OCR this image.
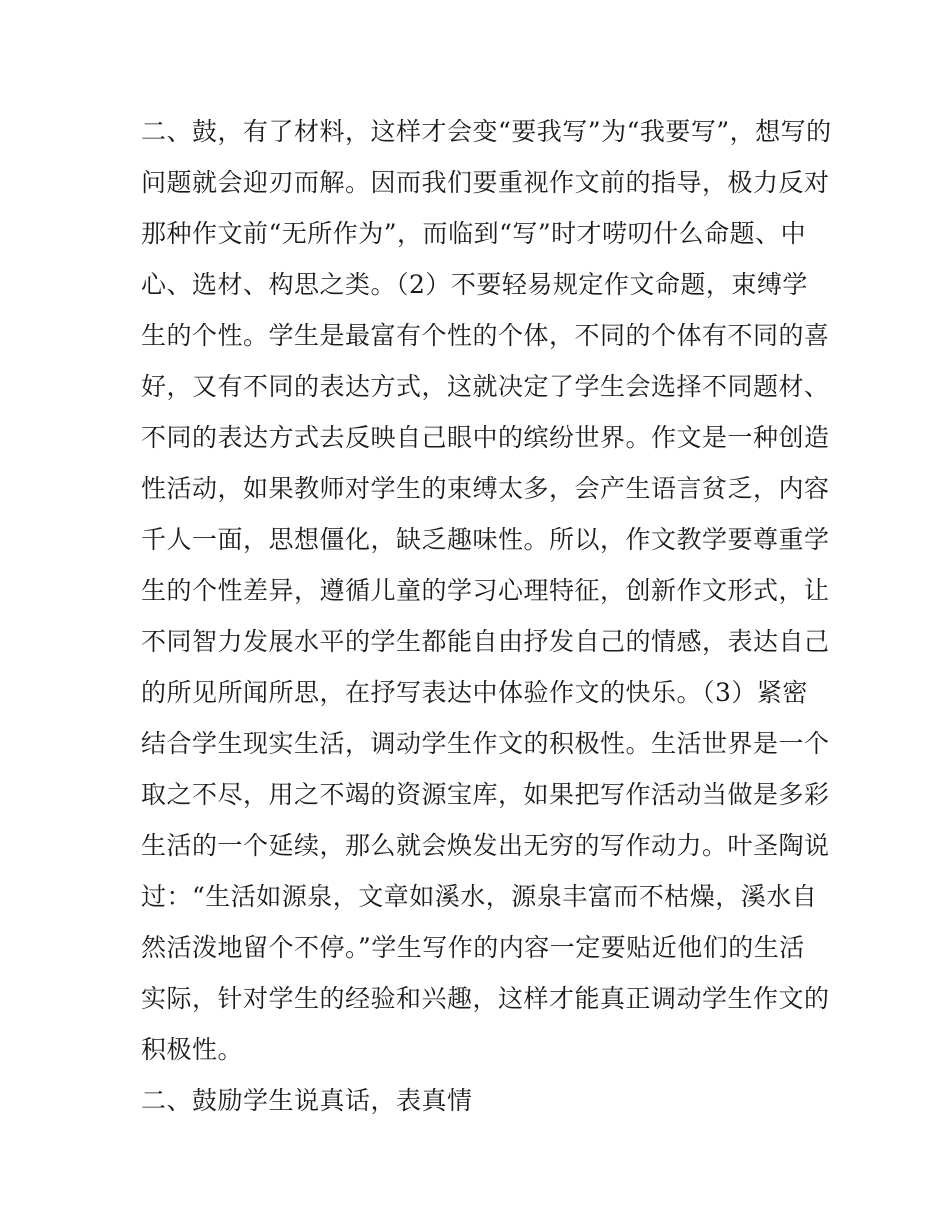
二、鼓，有了材料，这样才会变“要我写”为“我要写”，想写的
问题就会迎刃而解。因而我们要重视作文前的指导，极力反对
那种作文前“无所作为”，而临到“写”时才唠叨什么命题、中
心、选材、构思之类。（2）不要轻易规定作文命题，束缚学
生的个性。学生是最富有个性的个体，不同的个体有不同的喜
好，又有不同的表达方式，这就决定了学生会选择不同题材、
不同的表达方式去反映自己眼中的缤纷世界。作文是一种创造
性活动，如果教师对学生的束缚太多，会产生语言贫乏，内容
千人一面，思想僵化，缺乏趣味性。所以，作文教学要尊重学
生的个性差异，遵循儿童的学习心理特征，创新作文形式，让
不同智力发展水平的学生都能自由抒发自己的情感，表达自己
的所见所闻所思，在抒写表达中体验作文的快乐。（3）紧密
结合学生现实生活，调动学生作文的积极性。生活世界是一个
取之不尽，用之不竭的资源宝库，如果把写作活动当做是多彩
生活的一个延续，那么就会焕发出无穷的写作动力。叶圣陶说
过：“生活如源泉，文章如溪水，源泉丰富而不枯燥，溪水自
然活泼地留个不停。”学生写作的内容一定要贴近他们的生活
实际，针对学生的经验和兴趣，这样才能真正调动学生作文的
积极性。
二、鼓励学生说真话，表真情
